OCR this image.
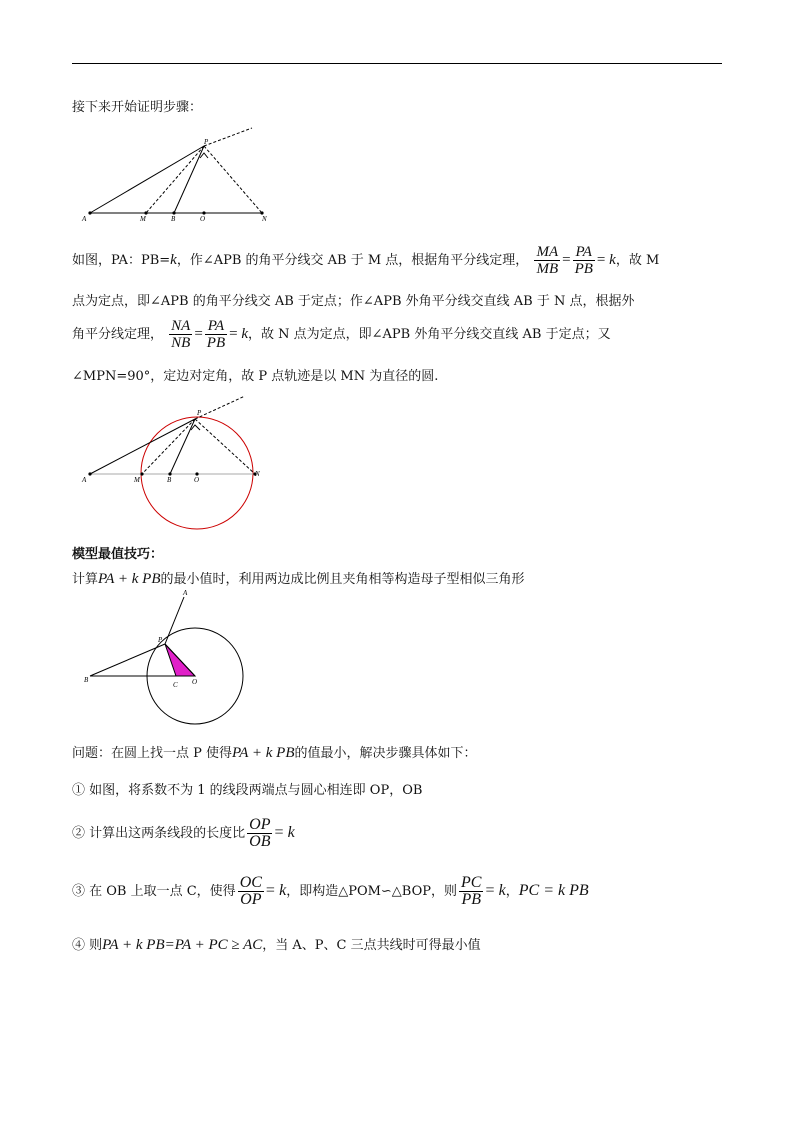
接下来开始证明步骤：
A	M	B	O	N
P
如图，PA：PB=k，作∠APB 的角平分线交 AB 于 M 点，根据角平分线定理， $\frac{MA}{MB} = \frac{PA}{PB} = k$，故 M
点为定点，即∠APB 的角平分线交 AB 于定点；作∠APB 外角平分线交直线 AB 于 N 点，根据外
角平分线定理， $\frac{NA}{NB} = \frac{PA}{PB} = k$，故 N 点为定点，即∠APB 外角平分线交直线 AB 于定点；又
∠MPN=90°，定边对定角，故 P 点轨迹是以 MN 为直径的圆.
A	M	B	O
N
P
模型最值技巧：
计算PA + k PB的最小值时，利用两边成比例且夹角相等构造母子型相似三角形
A
P
B
C O
问题：在圆上找一点 P 使得PA + k PB的值最小，解决步骤具体如下：
① 如图，将系数不为 1 的线段两端点与圆心相连即 OP，OB
② 计算出这两条线段的长度比 $\frac{OP}{OB} = k$
③ 在 OB 上取一点 C，使得 $\frac{OC}{OP} = k$，即构造△POM∽△BOP，则 $\frac{PC}{PB} = k$，PC = k PB
④ 则PA + k PB=PA + PC ≥ AC，当 A、P、C 三点共线时可得最小值
